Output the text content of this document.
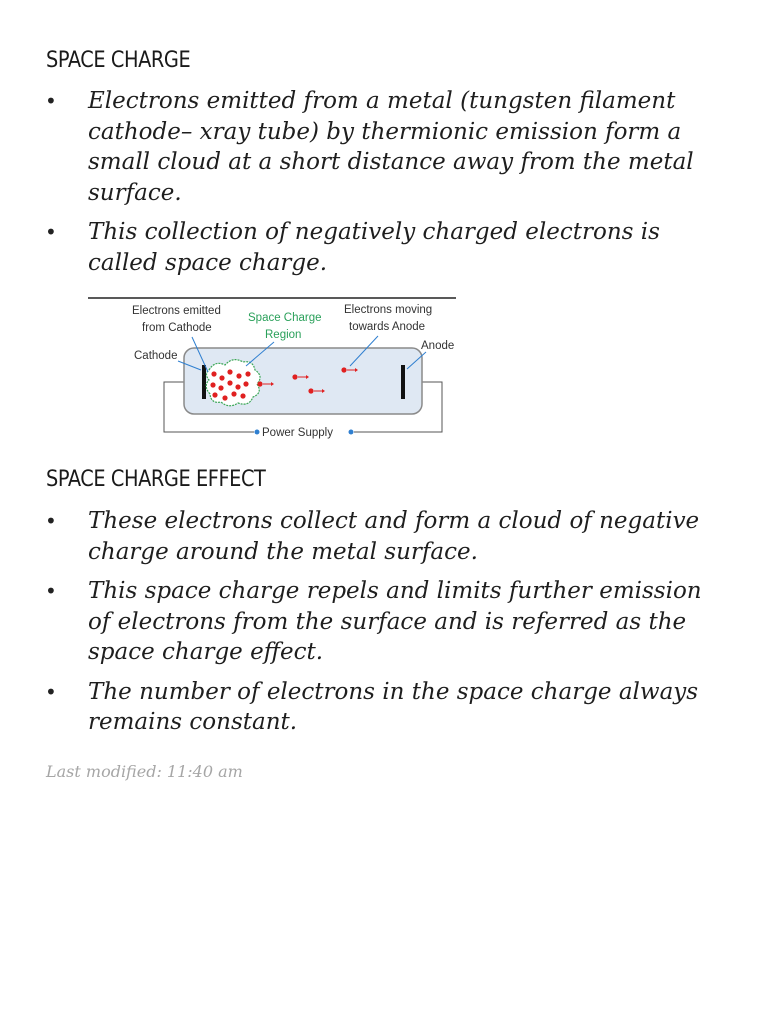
SPACE CHARGE
• Electrons emitted from a metal (tungsten filament cathode– xray tube) by thermionic emission form a small cloud at a short distance away from the metal surface.
• This collection of negatively charged electrons is called space charge.
Electrons emitted
from Cathode
Space Charge
Region
Electrons moving
towards Anode
Cathode
Anode
Power Supply
SPACE CHARGE EFFECT
• These electrons collect and form a cloud of negative charge around the metal surface.
• This space charge repels and limits further emission of electrons from the surface and is referred as the space charge effect.
• The number of electrons in the space charge always remains constant.
Last modified: 11:40 am
